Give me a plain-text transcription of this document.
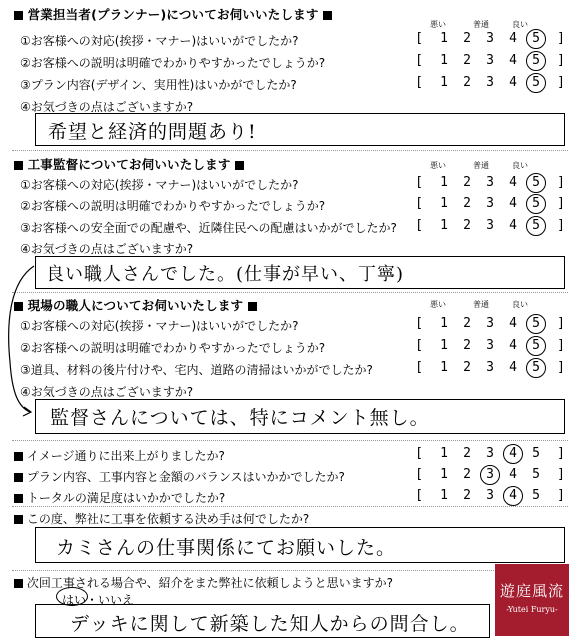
営業担当者(プランナー)についてお伺いいたします
悪い	普通	良い
①お客様への対応(挨拶・マナー)はいいがでしたか?	[ 1 2 3 4 5 ]
②お客様への説明は明確でわかりやすかったでしょうか?	[ 1 2 3 4 5 ]
③プラン内容(デザイン、実用性)はいかがでしたか?	[ 1 2 3 4 5 ]
④お気づきの点はございますか?
希望と経済的問題あり!
工事監督についてお伺いいたします	悪い	普通	良い
①お客様への対応(挨拶・マナー)はいいがでしたか?	[ 1 2 3 4 5 ]
②お客様への説明は明確でわかりやすかったでしょうか?	[ 1 2 3 4 5 ]
③お客様への安全面での配慮や、近隣住民への配慮はいかがでしたか? [ 1 2 3 4 5 ]
④お気づきの点はございますか?
良い職人さんでした。(仕事が早い、丁寧)
現場の職人についてお伺いいたします	悪い	普通	良い
①お客様への対応(挨拶・マナー)はいいがでしたか?	[ 1 2 3 4 5 ]
②お客様への説明は明確でわかりやすかったでしょうか?	[ 1 2 3 4 5 ]
③道具、材料の後片付けや、宅内、道路の清掃はいかがでしたか?	[ 1 2 3 4 5 ]
④お気づきの点はございますか?
監督さんについては、特にコメント無し。
イメージ通りに出来上がりましたか?	[ 1 2 3 4 5 ]
プラン内容、工事内容と金額のバランスはいかかでしたか?	[ 1 2 3 4 5 ]
トータルの満足度はいかかでしたか?	[ 1 2 3 4 5 ]
この度、弊社に工事を依頼する決め手は何でしたか?
カミさんの仕事関係にてお願いした。
次回工事される場合や、紹介をまた弊社に依頼しようと思いますか?
はい・いいえ
デッキに関して新築した知人からの問合し。
遊庭風流
-Yutei Furyu-
